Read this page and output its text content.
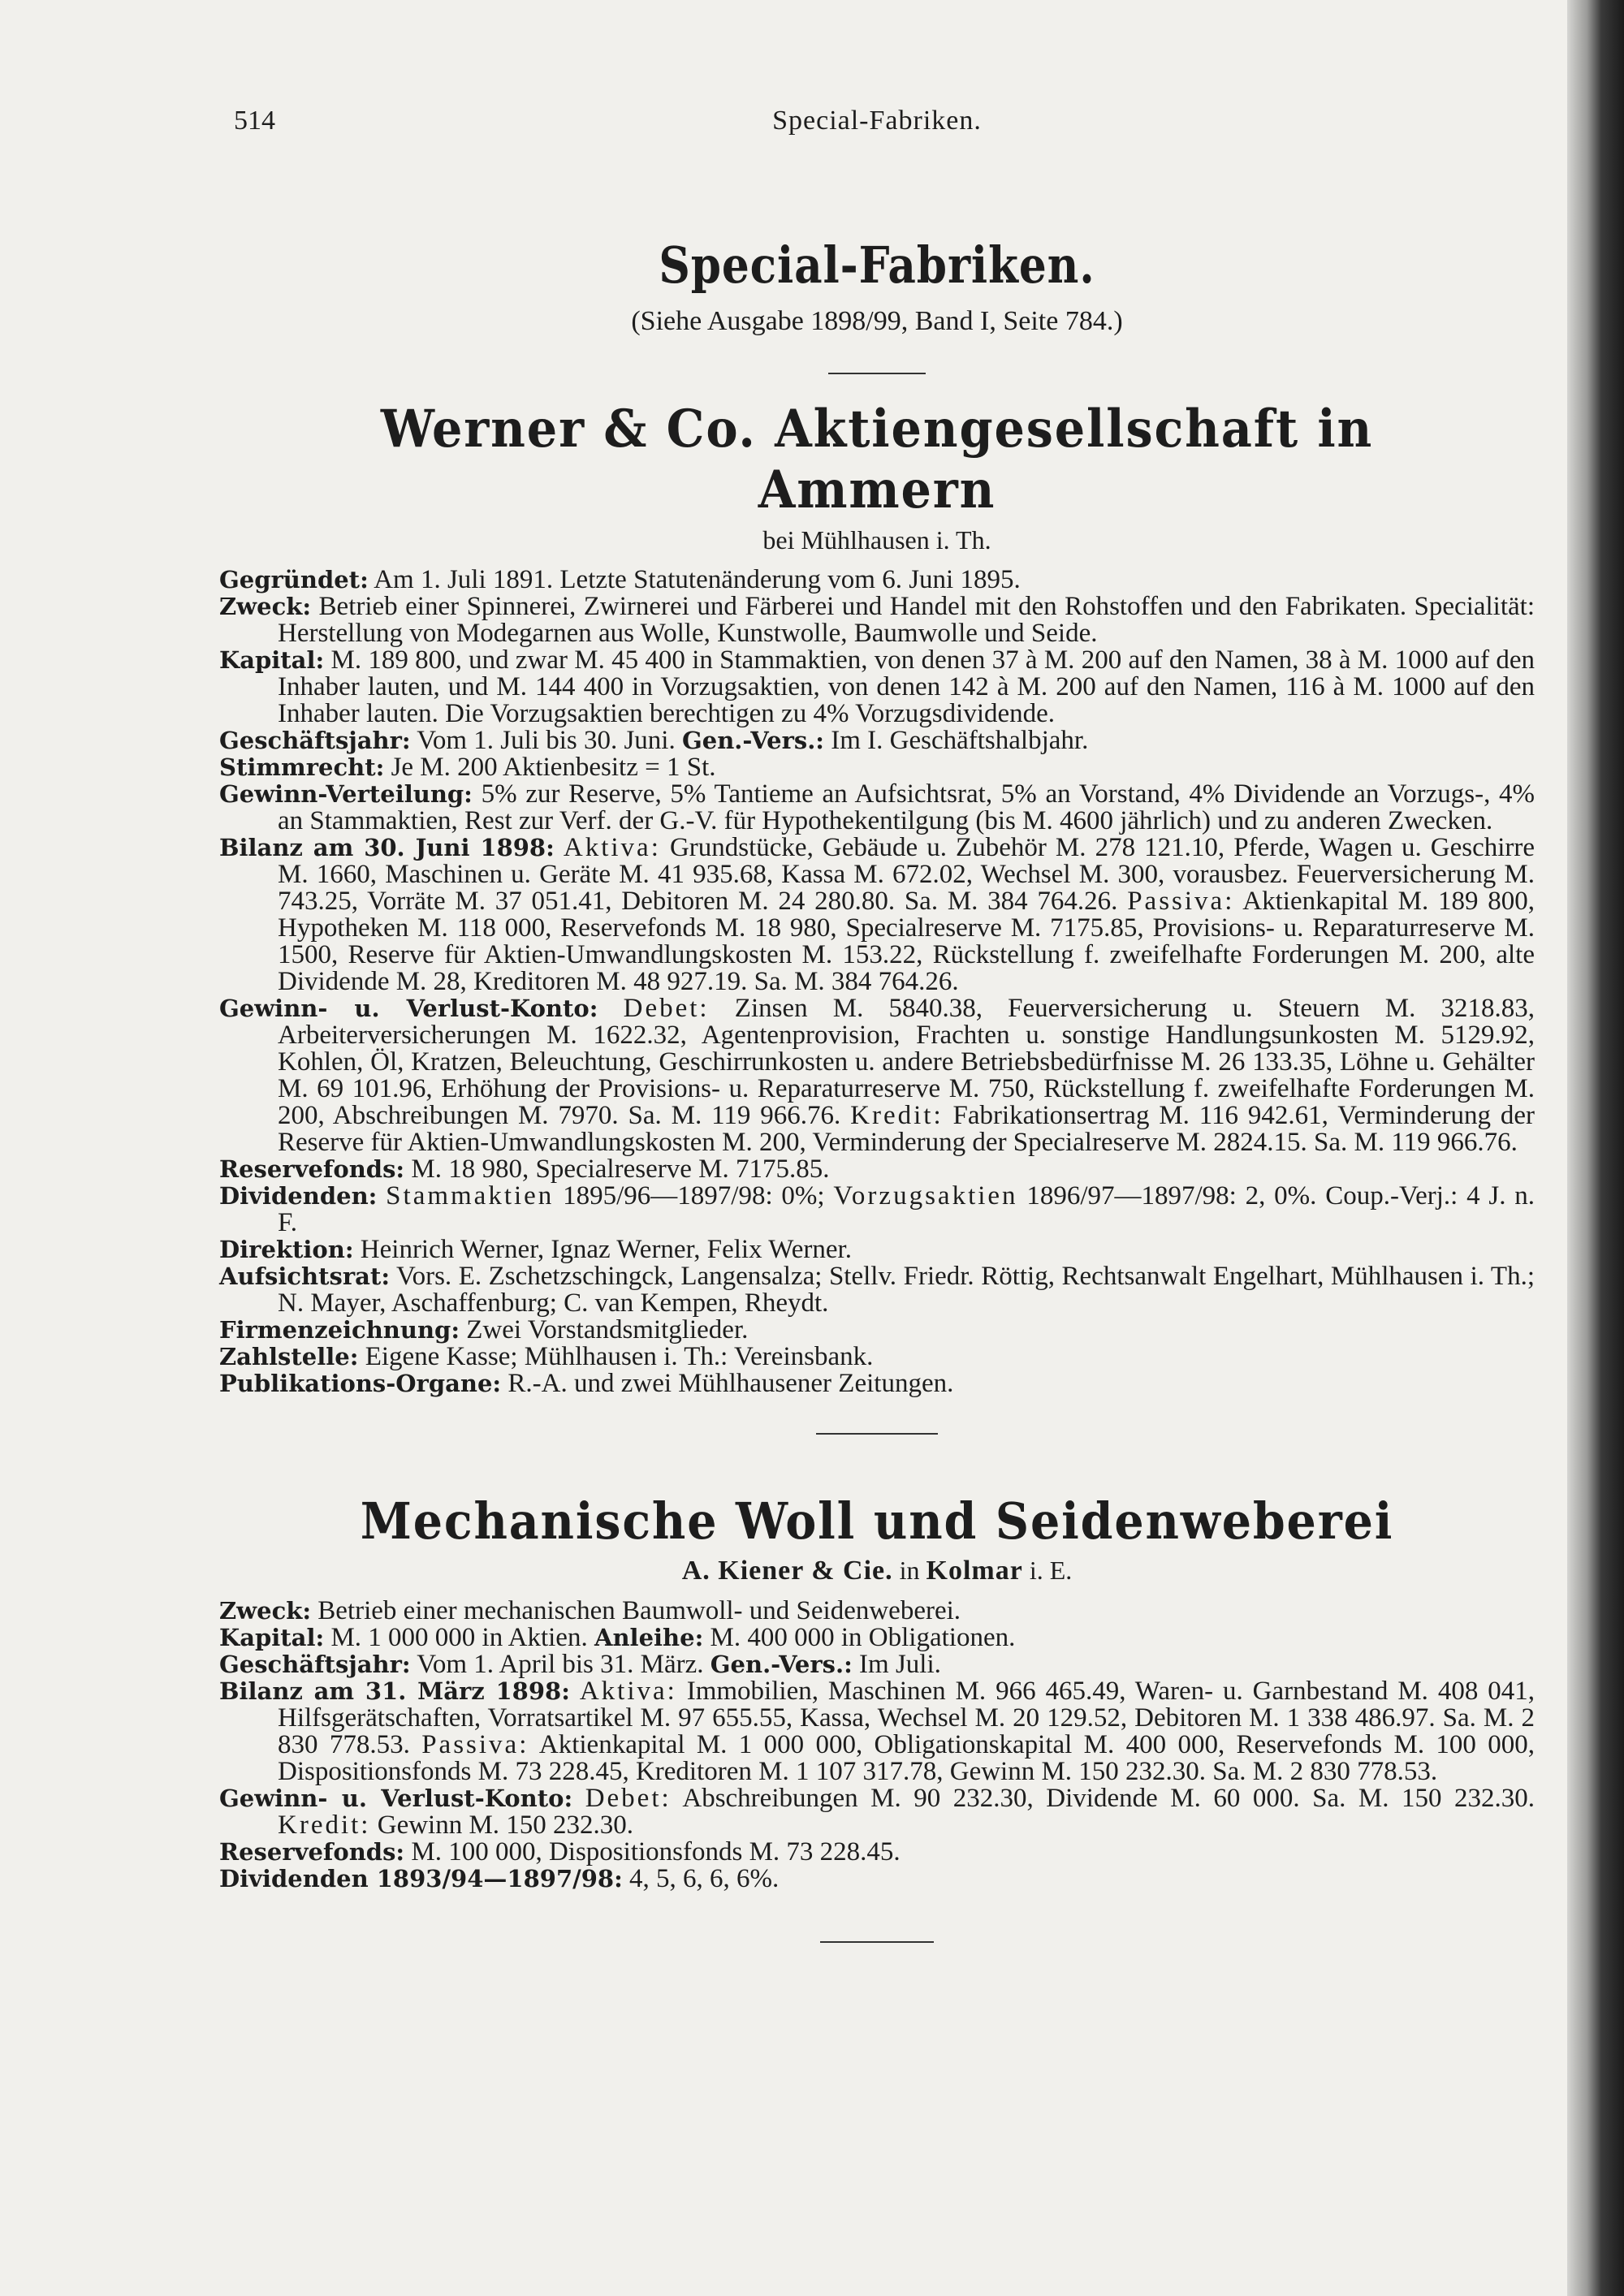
514	Special-Fabriken.
Special-Fabriken.
(Siehe Ausgabe 1898/99, Band I, Seite 784.)
Werner & Co. Aktiengesellschaft in Ammern
bei Mühlhausen i. Th.
Gegründet: Am 1. Juli 1891. Letzte Statutenänderung vom 6. Juni 1895.
Zweck: Betrieb einer Spinnerei, Zwirnerei und Färberei und Handel mit den Rohstoffen und den Fabrikaten. Specialität: Herstellung von Modegarnen aus Wolle, Kunstwolle, Baumwolle und Seide.
Kapital: M. 189 800, und zwar M. 45 400 in Stammaktien, von denen 37 à M. 200 auf den Namen, 38 à M. 1000 auf den Inhaber lauten, und M. 144 400 in Vorzugsaktien, von denen 142 à M. 200 auf den Namen, 116 à M. 1000 auf den Inhaber lauten. Die Vorzugsaktien berechtigen zu 4% Vorzugsdividende.
Geschäftsjahr: Vom 1. Juli bis 30. Juni. Gen.-Vers.: Im I. Geschäftshalbjahr.
Stimmrecht: Je M. 200 Aktienbesitz = 1 St.
Gewinn-Verteilung: 5% zur Reserve, 5% Tantieme an Aufsichtsrat, 5% an Vorstand, 4% Dividende an Vorzugs-, 4% an Stammaktien, Rest zur Verf. der G.-V. für Hypothekentilgung (bis M. 4600 jährlich) und zu anderen Zwecken.
Bilanz am 30. Juni 1898: Aktiva: Grundstücke, Gebäude u. Zubehör M. 278 121.10, Pferde, Wagen u. Geschirre M. 1660, Maschinen u. Geräte M. 41 935.68, Kassa M. 672.02, Wechsel M. 300, vorausbez. Feuerversicherung M. 743.25, Vorräte M. 37 051.41, Debitoren M. 24 280.80. Sa. M. 384 764.26. Passiva: Aktienkapital M. 189 800, Hypotheken M. 118 000, Reservefonds M. 18 980, Specialreserve M. 7175.85, Provisions- u. Reparaturreserve M. 1500, Reserve für Aktien-Umwandlungskosten M. 153.22, Rückstellung f. zweifelhafte Forderungen M. 200, alte Dividende M. 28, Kreditoren M. 48 927.19. Sa. M. 384 764.26.
Gewinn- u. Verlust-Konto: Debet: Zinsen M. 5840.38, Feuerversicherung u. Steuern M. 3218.83, Arbeiterversicherungen M. 1622.32, Agentenprovision, Frachten u. sonstige Handlungsunkosten M. 5129.92, Kohlen, Öl, Kratzen, Beleuchtung, Geschirrunkosten u. andere Betriebsbedürfnisse M. 26 133.35, Löhne u. Gehälter M. 69 101.96, Erhöhung der Provisions- u. Reparaturreserve M. 750, Rückstellung f. zweifelhafte Forderungen M. 200, Abschreibungen M. 7970. Sa. M. 119 966.76. Kredit: Fabrikationsertrag M. 116 942.61, Verminderung der Reserve für Aktien-Umwandlungskosten M. 200, Verminderung der Specialreserve M. 2824.15. Sa. M. 119 966.76.
Reservefonds: M. 18 980, Specialreserve M. 7175.85.
Dividenden: Stammaktien 1895/96—1897/98: 0%; Vorzugsaktien 1896/97—1897/98: 2, 0%. Coup.-Verj.: 4 J. n. F.
Direktion: Heinrich Werner, Ignaz Werner, Felix Werner.
Aufsichtsrat: Vors. E. Zschetzschingck, Langensalza; Stellv. Friedr. Röttig, Rechtsanwalt Engelhart, Mühlhausen i. Th.; N. Mayer, Aschaffenburg; C. van Kempen, Rheydt.
Firmenzeichnung: Zwei Vorstandsmitglieder.
Zahlstelle: Eigene Kasse; Mühlhausen i. Th.: Vereinsbank.
Publikations-Organe: R.-A. und zwei Mühlhausener Zeitungen.
Mechanische Woll und Seidenweberei
A. Kiener & Cie. in Kolmar i. E.
Zweck: Betrieb einer mechanischen Baumwoll- und Seidenweberei.
Kapital: M. 1 000 000 in Aktien. Anleihe: M. 400 000 in Obligationen.
Geschäftsjahr: Vom 1. April bis 31. März. Gen.-Vers.: Im Juli.
Bilanz am 31. März 1898: Aktiva: Immobilien, Maschinen M. 966 465.49, Waren- u. Garnbestand M. 408 041, Hilfsgerätschaften, Vorratsartikel M. 97 655.55, Kassa, Wechsel M. 20 129.52, Debitoren M. 1 338 486.97. Sa. M. 2 830 778.53. Passiva: Aktienkapital M. 1 000 000, Obligationskapital M. 400 000, Reservefonds M. 100 000, Dispositionsfonds M. 73 228.45, Kreditoren M. 1 107 317.78, Gewinn M. 150 232.30. Sa. M. 2 830 778.53.
Gewinn- u. Verlust-Konto: Debet: Abschreibungen M. 90 232.30, Dividende M. 60 000. Sa. M. 150 232.30. Kredit: Gewinn M. 150 232.30.
Reservefonds: M. 100 000, Dispositionsfonds M. 73 228.45.
Dividenden 1893/94—1897/98: 4, 5, 6, 6, 6%.
